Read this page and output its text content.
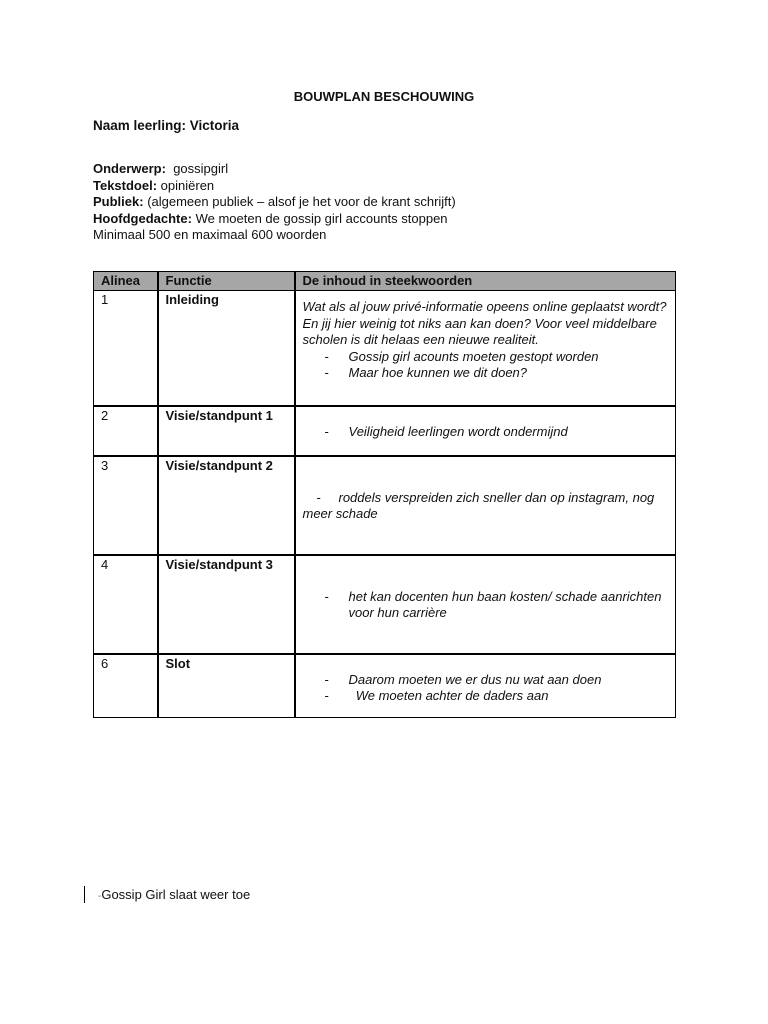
BOUWPLAN BESCHOUWING
Naam leerling: Victoria
Onderwerp:  gossipgirl
Tekstdoel: opiniëren
Publiek: (algemeen publiek – alsof je het voor de krant schrijft)
Hoofdgedachte: We moeten de gossip girl accounts stoppen
Minimaal 500 en maximaal 600 woorden
Alinea	Functie	De inhoud in steekwoorden
1	Inleiding	Wat als al jouw privé-informatie opeens online geplaatst wordt? En jij hier weinig tot niks aan kan doen? Voor veel middelbare scholen is dit helaas een nieuwe realiteit.
- Gossip girl acounts moeten gestopt worden
- Maar hoe kunnen we dit doen?

2	Visie/standpunt 1	- Veiligheid leerlingen wordt ondermijnd

3	Visie/standpunt 2	- roddels verspreiden zich sneller dan op instagram, nog meer schade

4	Visie/standpunt 3	- het kan docenten hun baan kosten/ schade aanrichten voor hun carrière

6	Slot	- Daarom moeten we er dus nu wat aan doen
- We moeten achter de daders aan
-Gossip Girl slaat weer toe
